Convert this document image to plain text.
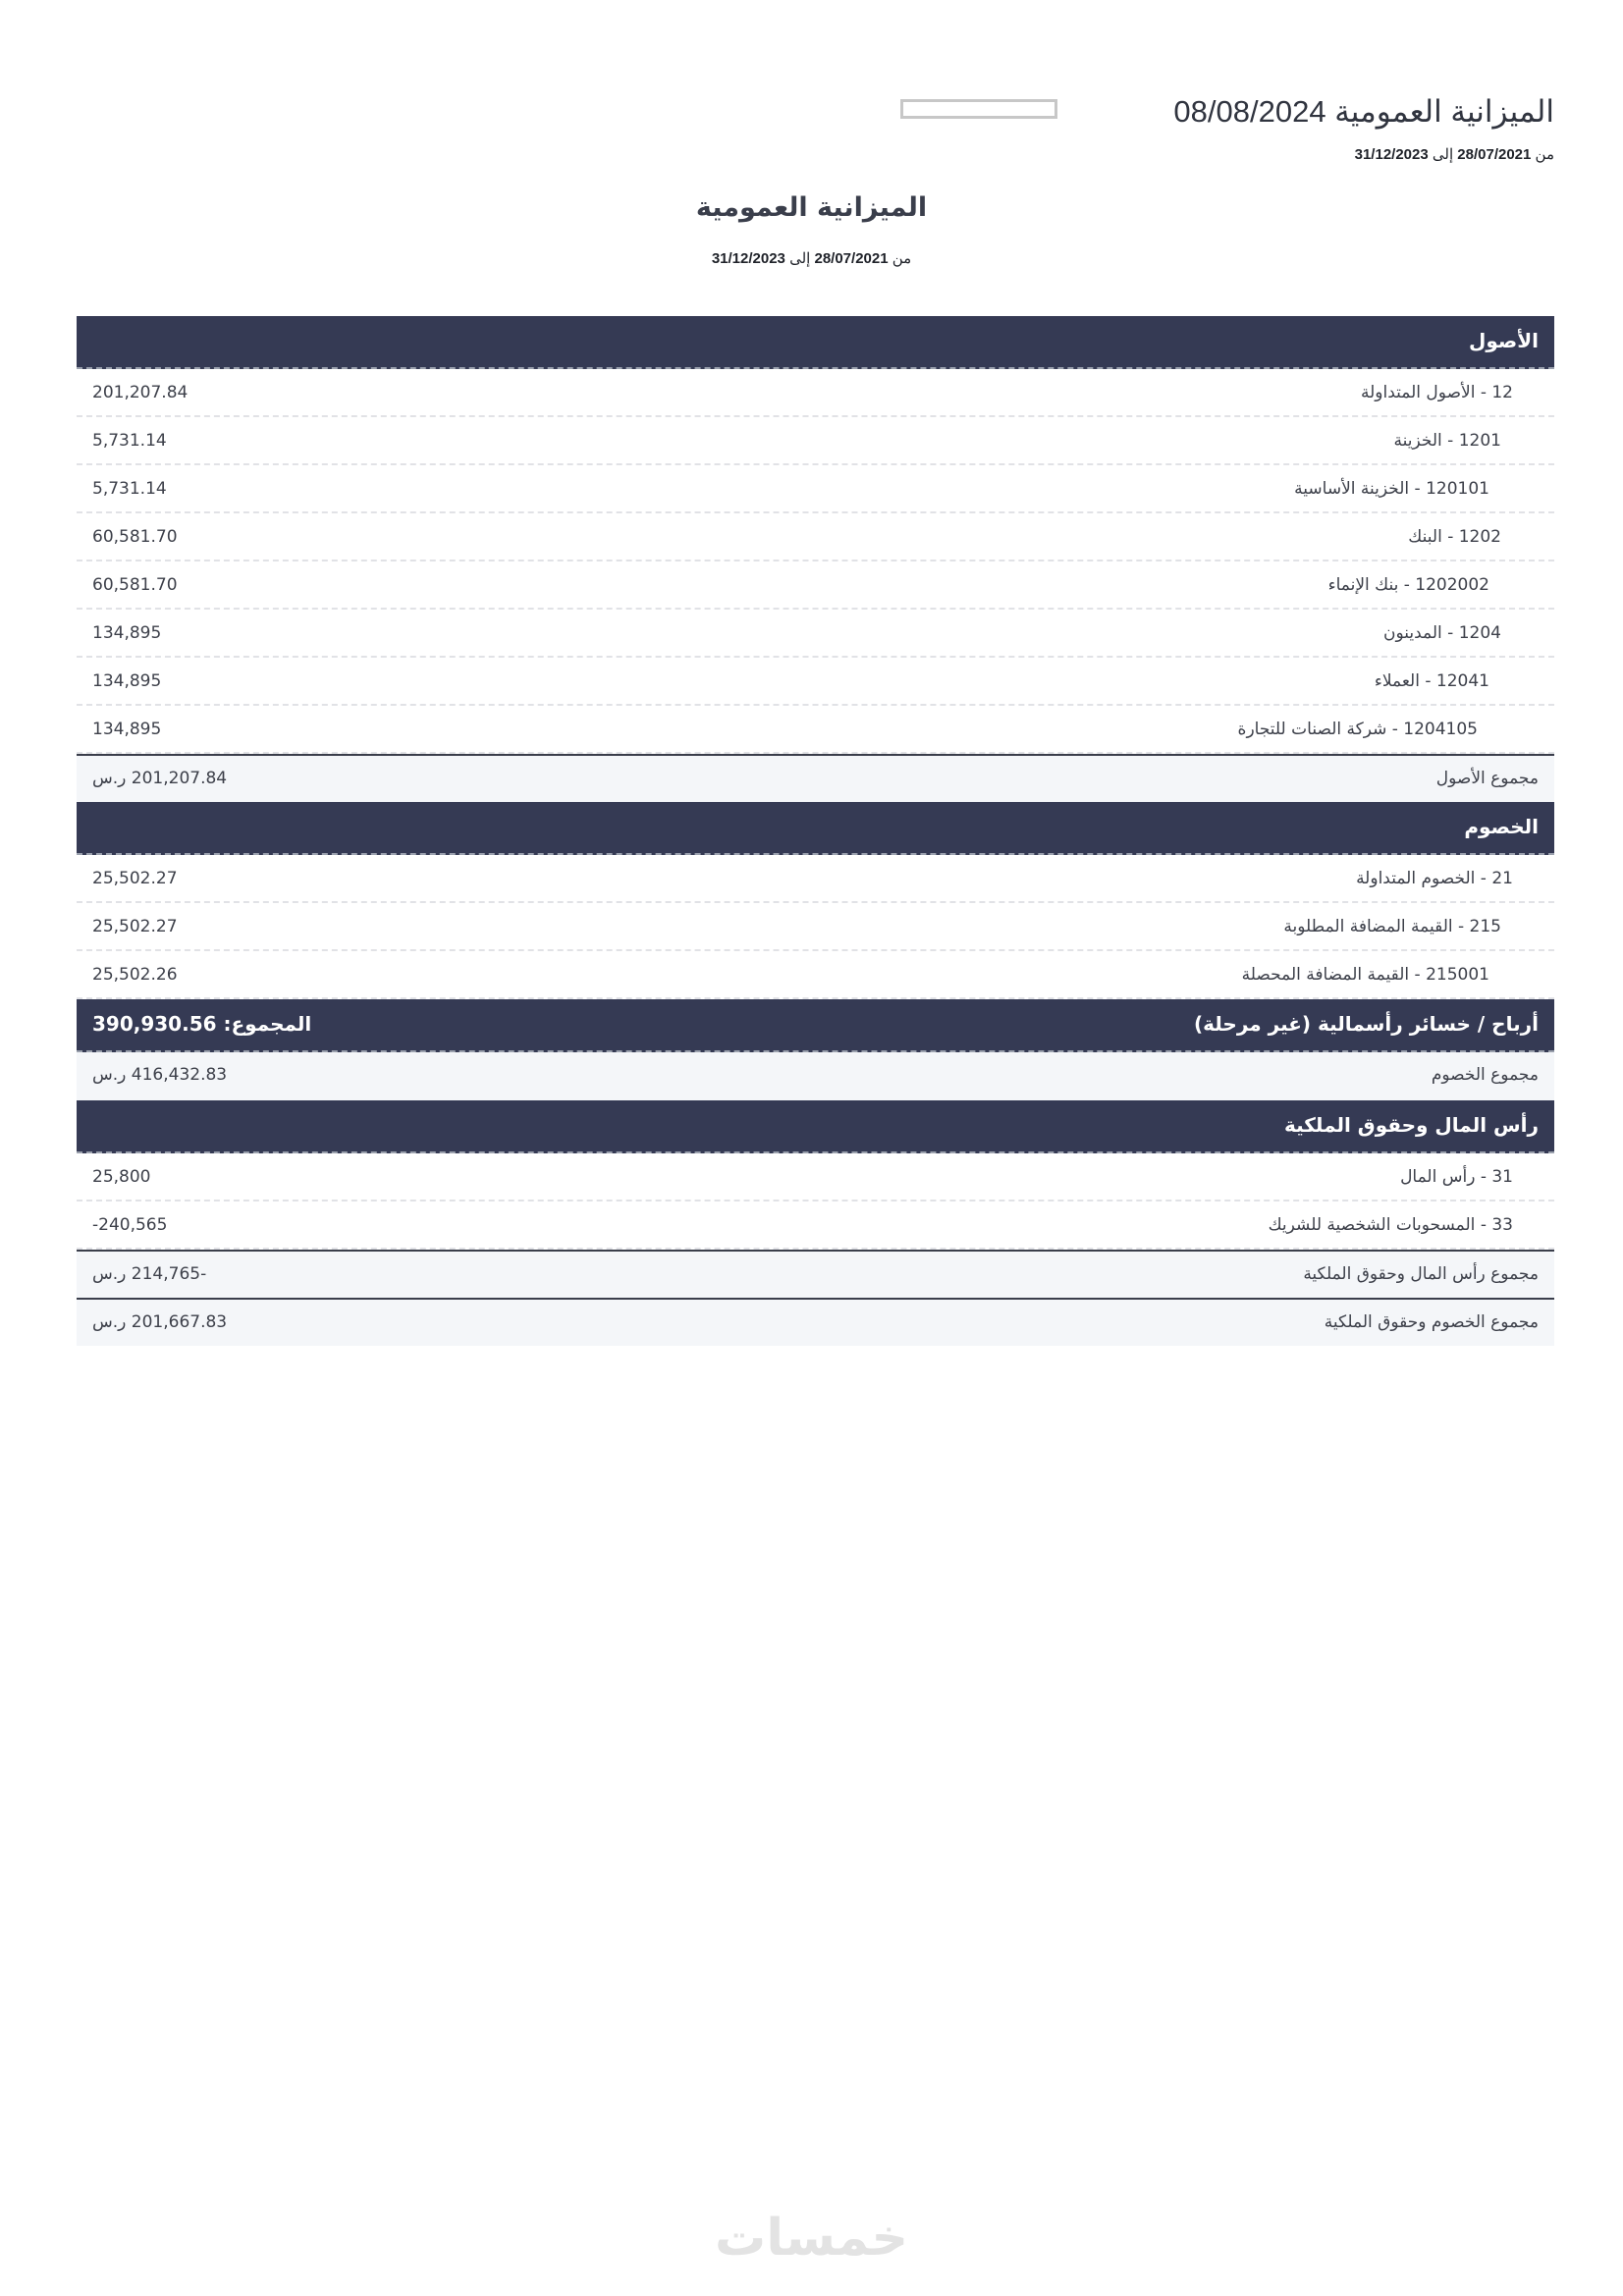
الميزانية العمومية 08/08/2024
من 28/07/2021 إلى 31/12/2023
الميزانية العمومية
من 28/07/2021 إلى 31/12/2023
الأصول
12 - الأصول المتداولة
201,207.84
1201 - الخزينة
5,731.14
120101 - الخزينة الأساسية
5,731.14
1202 - البنك
60,581.70
1202002 - بنك الإنماء
60,581.70
1204 - المدينون
134,895
12041 - العملاء
134,895
1204105 - شركة الصنات للتجارة
134,895
مجموع الأصول
201,207.84 ر.س
الخصوم
21 - الخصوم المتداولة
25,502.27
215 - القيمة المضافة المطلوبة
25,502.27
215001 - القيمة المضافة المحصلة
25,502.26
أرباح / خسائر رأسمالية (غير مرحلة)
المجموع: 390,930.56
مجموع الخصوم
416,432.83 ر.س
رأس المال وحقوق الملكية
31 - رأس المال
25,800
33 - المسحوبات الشخصية للشريك
-240,565
مجموع رأس المال وحقوق الملكية
-214,765 ر.س
مجموع الخصوم وحقوق الملكية
201,667.83 ر.س
خمسات
